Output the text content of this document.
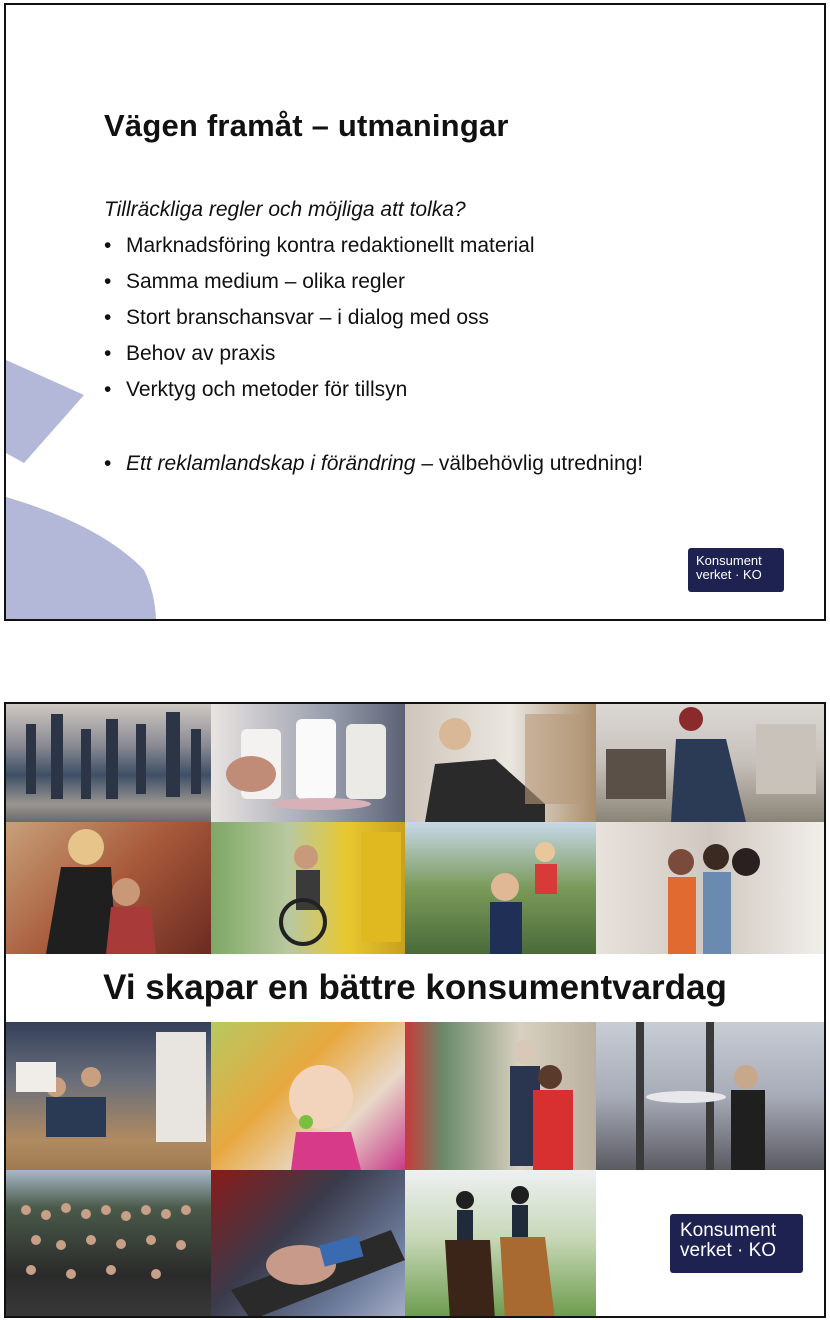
Vägen framåt – utmaningar
Tillräckliga regler och möjliga att tolka?
• Marknadsföring kontra redaktionellt material
• Samma medium – olika regler
• Stort branschansvar – i dialog med oss
• Behov av praxis
• Verktyg och metoder för tillsyn
• Ett reklamlandskap i förändring – välbehövlig utredning!
Konsument
verket · KO
Vi skapar en bättre konsumentvardag
Konsument
verket · KO
